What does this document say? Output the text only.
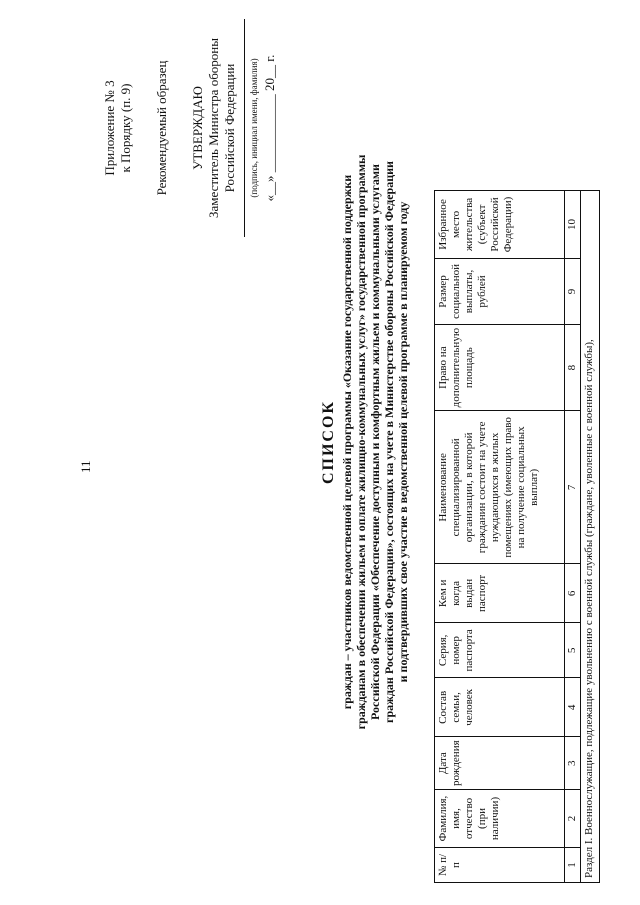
11
Приложение № 3 к Порядку (п. 9) Рекомендуемый образец УТВЕРЖДАЮ Заместитель Министра обороны Российской Федерации	(подпись, инициал имени, фамилия) «__» ____________ 20__ г.
СПИСОК граждан – участников ведомственной целевой программы «Оказание государственной поддержки гражданам в обеспечении жильем и оплате жилищно-коммунальных услуг» государственной программы Российской Федерации «Обеспечение доступным и комфортным жильем и коммунальными услугами граждан Российской Федерации», состоящих на учете в Министерстве обороны Российской Федерации и подтвердивших свое участие в ведомственной целевой программе в планируемом году
№ п/п	Фамилия, имя, отчество (при наличии)	Дата рождения	Состав семьи, человек	Серия, номер паспорта	Кем и когда выдан паспорт	Наименование специализированной организации, в которой гражданин состоит на учете нуждающихся в жилых помещениях (имеющих право на получение социальных выплат)	Право на дополнительную площадь	Размер социальной выплаты, рублей	Избранное место жительства (субъект Российской Федерации)
1	2	3	4	5	6	7	8	9	10
Раздел I. Военнослужащие, подлежащие увольнению с военной службы (граждане, уволенные с военной службы),									
